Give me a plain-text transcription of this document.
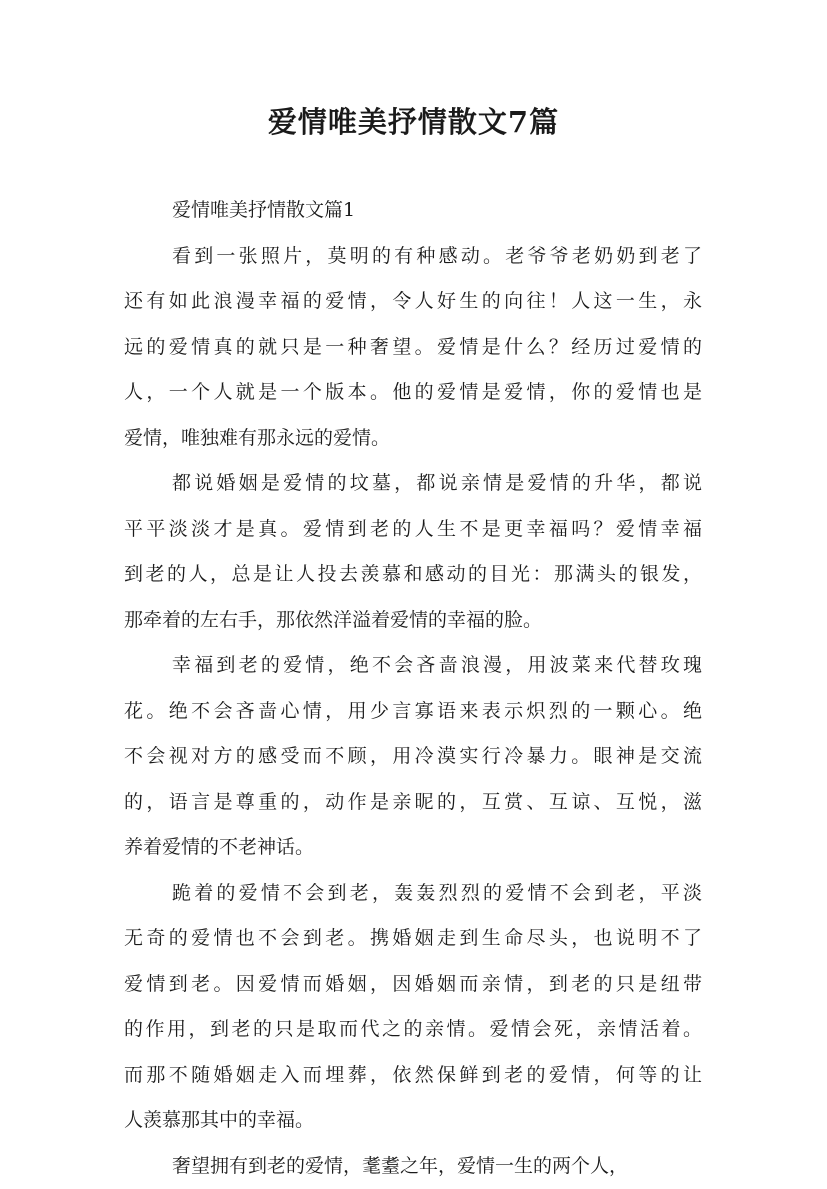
爱情唯美抒情散文7篇

爱情唯美抒情散文篇1

看到一张照片，莫明的有种感动。老爷爷老奶奶到老了
还有如此浪漫幸福的爱情，令人好生的向往！人这一生，永
远的爱情真的就只是一种奢望。爱情是什么？经历过爱情的
人，一个人就是一个版本。他的爱情是爱情，你的爱情也是
爱情，唯独难有那永远的爱情。

都说婚姻是爱情的坟墓，都说亲情是爱情的升华，都说
平平淡淡才是真。爱情到老的人生不是更幸福吗？爱情幸福
到老的人，总是让人投去羡慕和感动的目光：那满头的银发，
那牵着的左右手，那依然洋溢着爱情的幸福的脸。

幸福到老的爱情，绝不会吝啬浪漫，用波菜来代替玫瑰
花。绝不会吝啬心情，用少言寡语来表示炽烈的一颗心。绝
不会视对方的感受而不顾，用冷漠实行冷暴力。眼神是交流
的，语言是尊重的，动作是亲昵的，互赏、互谅、互悦，滋
养着爱情的不老神话。

跪着的爱情不会到老，轰轰烈烈的爱情不会到老，平淡
无奇的爱情也不会到老。携婚姻走到生命尽头，也说明不了
爱情到老。因爱情而婚姻，因婚姻而亲情，到老的只是纽带
的作用，到老的只是取而代之的亲情。爱情会死，亲情活着。
而那不随婚姻走入而埋葬，依然保鲜到老的爱情，何等的让
人羡慕那其中的幸福。

奢望拥有到老的爱情，耄耋之年，爱情一生的两个人，
